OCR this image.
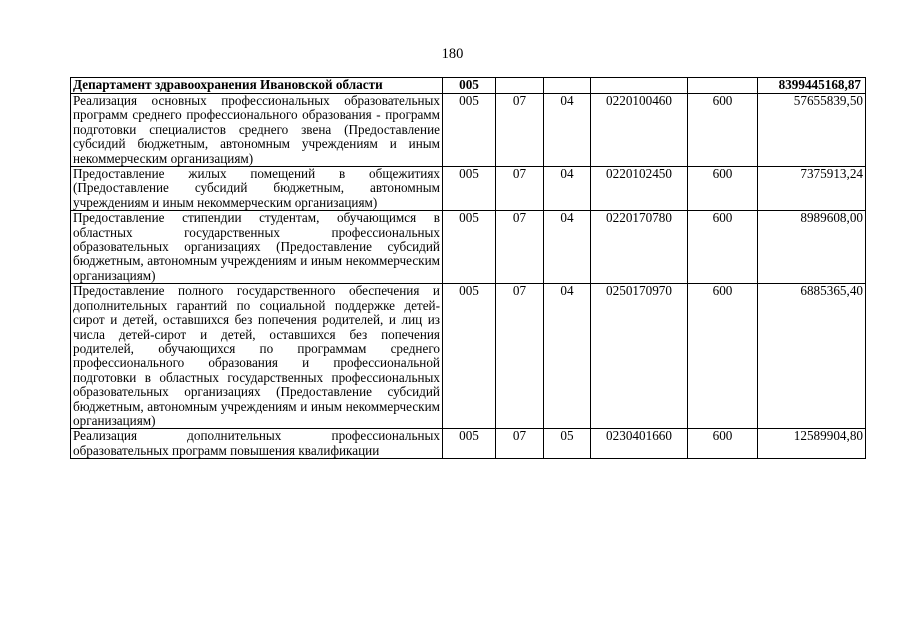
180
Департамент здравоохранения Ивановской области	005					8399445168,87
Реализация основных профессиональных образовательных программ среднего профессионального образования - программ подготовки специалистов среднего звена (Предоставление субсидий бюджетным, автономным учреждениям и иным некоммерческим организациям)	005	07	04	0220100460	600	57655839,50
Предоставление жилых помещений в общежитиях (Предоставление субсидий бюджетным, автономным учреждениям и иным некоммерческим организациям)	005	07	04	0220102450	600	7375913,24
Предоставление стипендии студентам, обучающимся в областных государственных профессиональных образовательных организациях (Предоставление субсидий бюджетным, автономным учреждениям и иным некоммерческим организациям)	005	07	04	0220170780	600	8989608,00
Предоставление полного государственного обеспечения и дополнительных гарантий по социальной поддержке детей-сирот и детей, оставшихся без попечения родителей, и лиц из числа детей-сирот и детей, оставшихся без попечения родителей, обучающихся по программам среднего профессионального образования и профессиональной подготовки в областных государственных профессиональных образовательных организациях (Предоставление субсидий бюджетным, автономным учреждениям и иным некоммерческим организациям)	005	07	04	0250170970	600	6885365,40
Реализация дополнительных профессиональных образовательных программ повышения квалификации	005	07	05	0230401660	600	12589904,80
